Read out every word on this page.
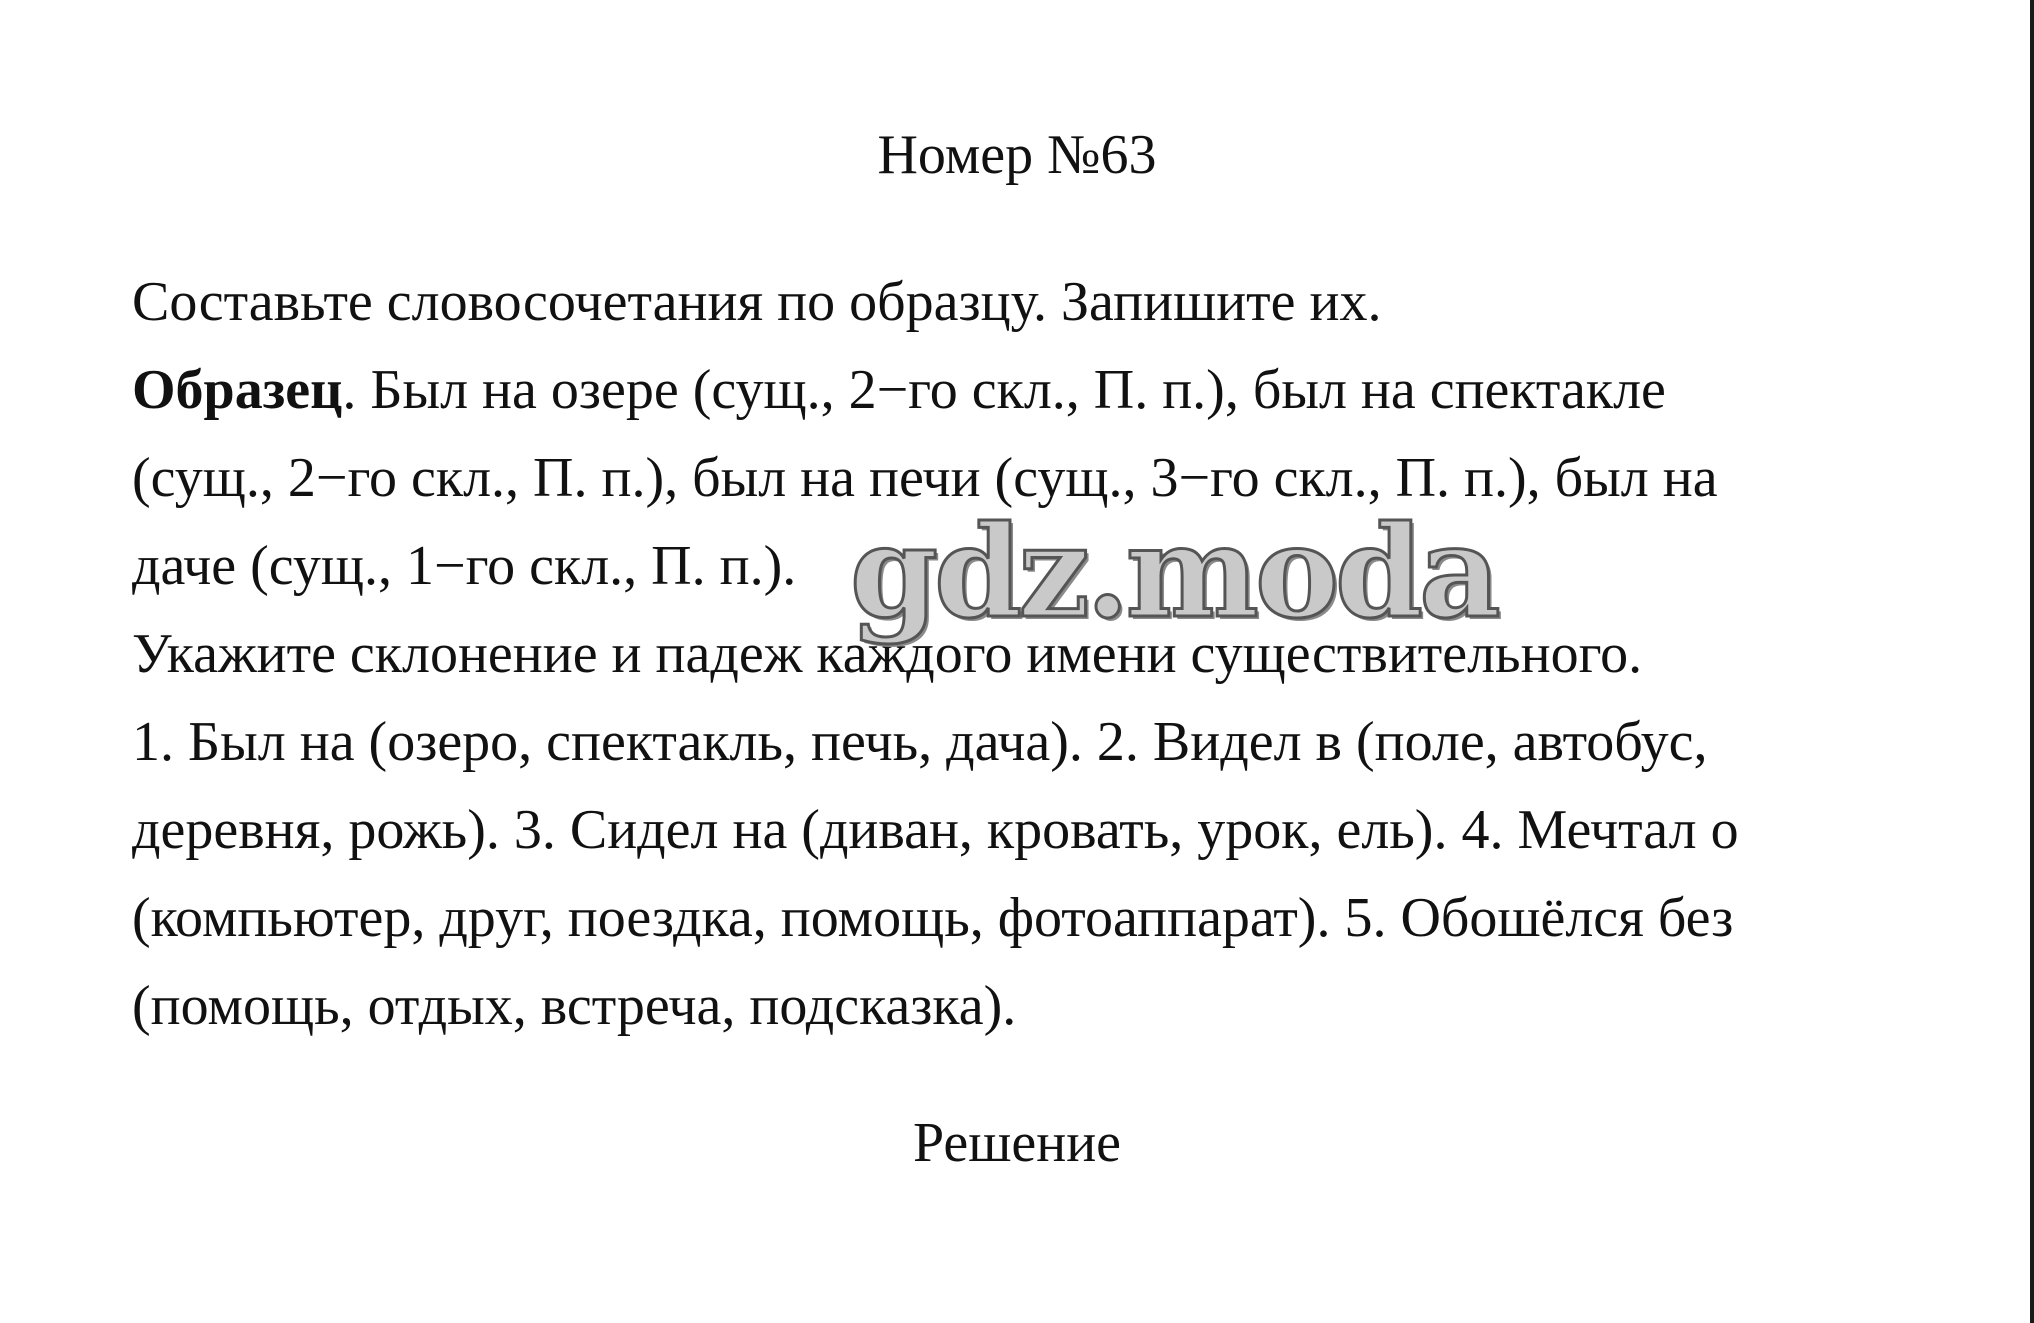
Номер №63
Составьте словосочетания по образцу. Запишите их.
Образец. Был на озере (сущ., 2−го скл., П. п.), был на спектакле
(сущ., 2−го скл., П. п.), был на печи (сущ., 3−го скл., П. п.), был на
даче (сущ., 1−го скл., П. п.).
Укажите склонение и падеж каждого имени существительного.
1. Был на (озеро, спектакль, печь, дача). 2. Видел в (поле, автобус,
деревня, рожь). 3. Сидел на (диван, кровать, урок, ель). 4. Мечтал о
(компьютер, друг, поездка, помощь, фотоаппарат). 5. Обошёлся без
(помощь, отдых, встреча, подсказка).
gdz.moda
Решение
